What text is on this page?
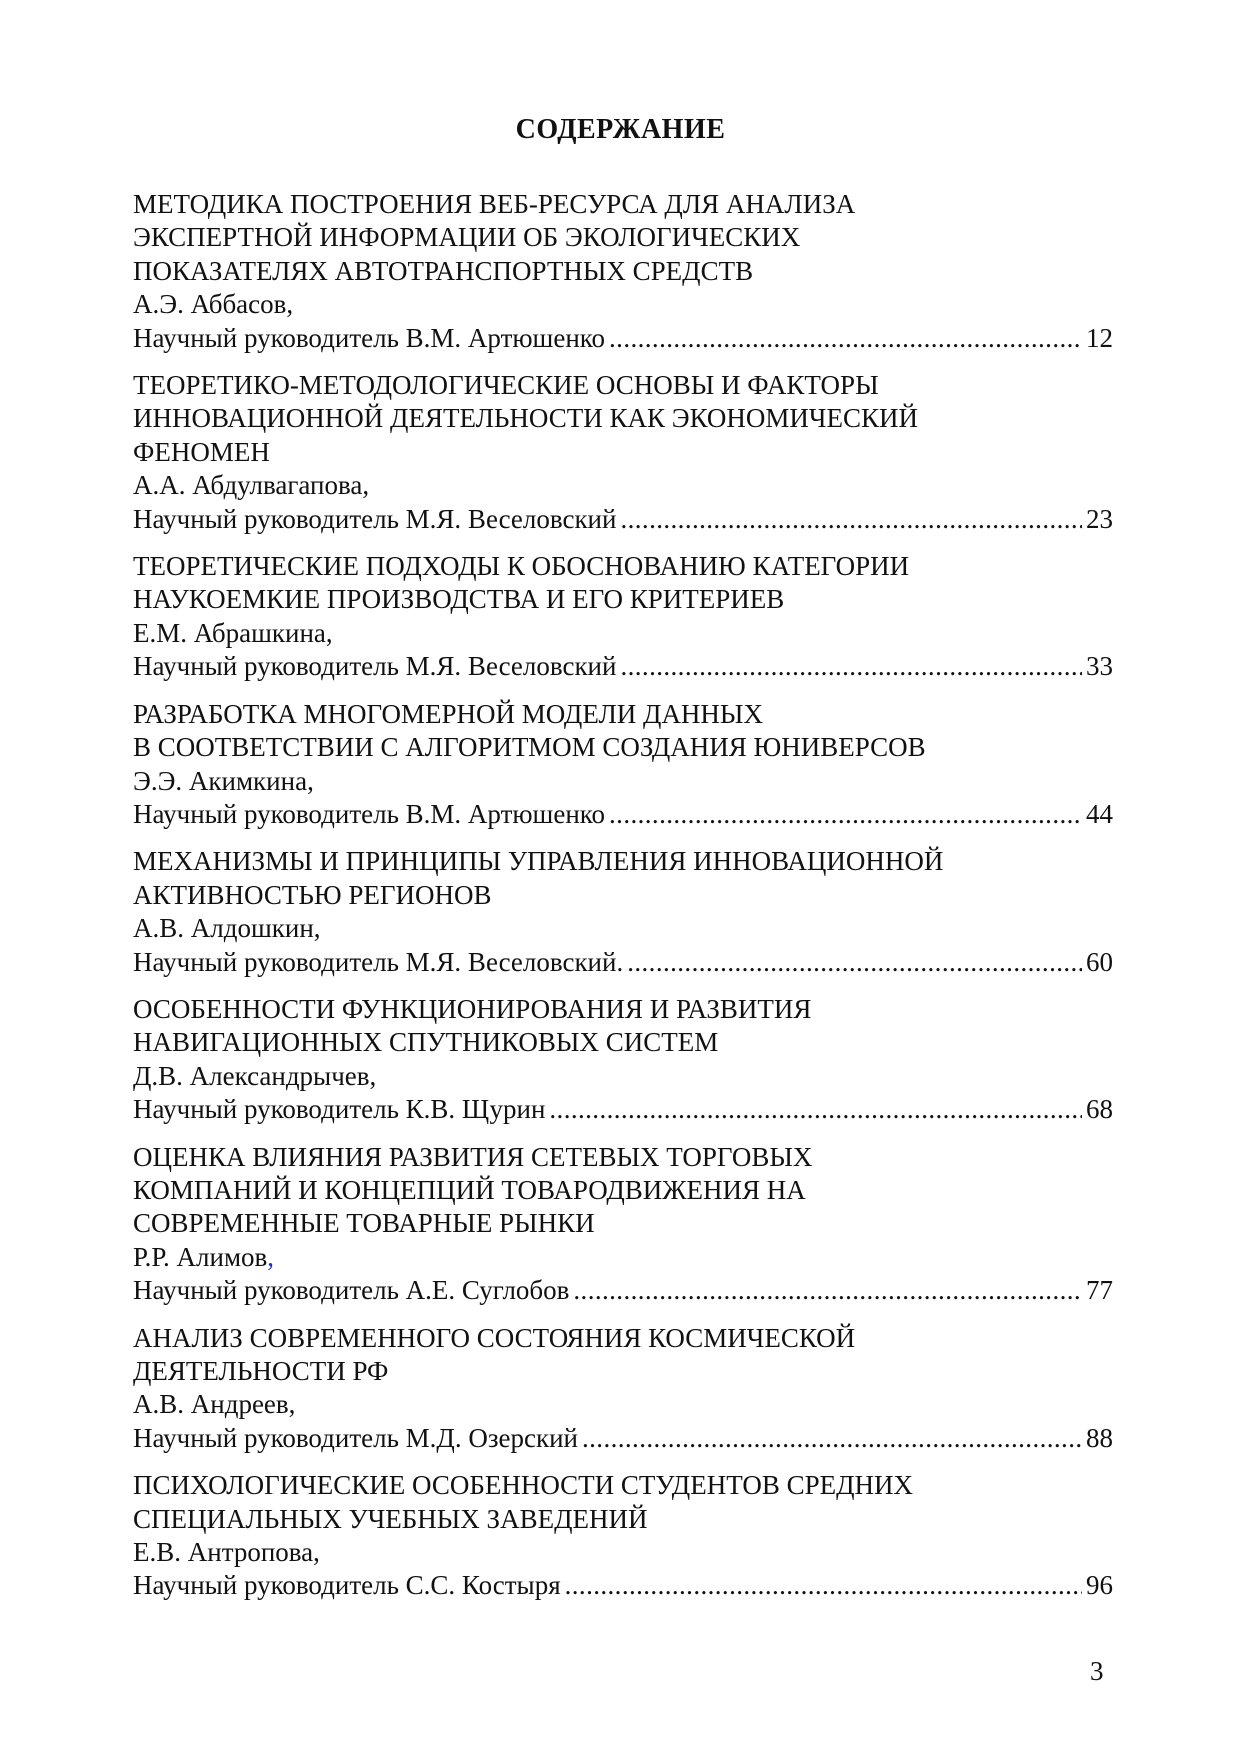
СОДЕРЖАНИЕ
МЕТОДИКА ПОСТРОЕНИЯ ВЕБ-РЕСУРСА ДЛЯ АНАЛИЗА
ЭКСПЕРТНОЙ ИНФОРМАЦИИ ОБ ЭКОЛОГИЧЕСКИХ
ПОКАЗАТЕЛЯХ АВТОТРАНСПОРТНЫХ СРЕДСТВ
А.Э. Аббасов,
Научный руководитель В.М. Артюшенко .....	12
ТЕОРЕТИКО-МЕТОДОЛОГИЧЕСКИЕ ОСНОВЫ И ФАКТОРЫ
ИННОВАЦИОННОЙ ДЕЯТЕЛЬНОСТИ КАК ЭКОНОМИЧЕСКИЙ
ФЕНОМЕН
А.А. Абдулвагапова,
Научный руководитель М.Я. Веселовский .....	23
ТЕОРЕТИЧЕСКИЕ ПОДХОДЫ К ОБОСНОВАНИЮ КАТЕГОРИИ
НАУКОЕМКИЕ ПРОИЗВОДСТВА И ЕГО КРИТЕРИЕВ
Е.М. Абрашкина,
Научный руководитель М.Я. Веселовский .....	33
РАЗРАБОТКА МНОГОМЕРНОЙ МОДЕЛИ ДАННЫХ
В СООТВЕТСТВИИ С АЛГОРИТМОМ СОЗДАНИЯ ЮНИВЕРСОВ
Э.Э. Акимкина,
Научный руководитель В.М. Артюшенко .....	44
МЕХАНИЗМЫ И ПРИНЦИПЫ УПРАВЛЕНИЯ ИННОВАЦИОННОЙ
АКТИВНОСТЬЮ РЕГИОНОВ
А.В. Алдошкин,
Научный руководитель М.Я. Веселовский. .....	60
ОСОБЕННОСТИ ФУНКЦИОНИРОВАНИЯ И РАЗВИТИЯ
НАВИГАЦИОННЫХ СПУТНИКОВЫХ СИСТЕМ
Д.В. Александрычев,
Научный руководитель К.В. Щурин .....	68
ОЦЕНКА ВЛИЯНИЯ РАЗВИТИЯ СЕТЕВЫХ ТОРГОВЫХ
КОМПАНИЙ И КОНЦЕПЦИЙ ТОВАРОДВИЖЕНИЯ НА
СОВРЕМЕННЫЕ ТОВАРНЫЕ РЫНКИ
Р.Р. Алимов,
Научный руководитель А.Е. Суглобов .....	77
АНАЛИЗ СОВРЕМЕННОГО СОСТОЯНИЯ КОСМИЧЕСКОЙ
ДЕЯТЕЛЬНОСТИ РФ
А.В. Андреев,
Научный руководитель М.Д. Озерский .....	88
ПСИХОЛОГИЧЕСКИЕ ОСОБЕННОСТИ СТУДЕНТОВ СРЕДНИХ
СПЕЦИАЛЬНЫХ УЧЕБНЫХ ЗАВЕДЕНИЙ
Е.В. Антропова,
Научный руководитель С.С. Костыря .....	96
3
